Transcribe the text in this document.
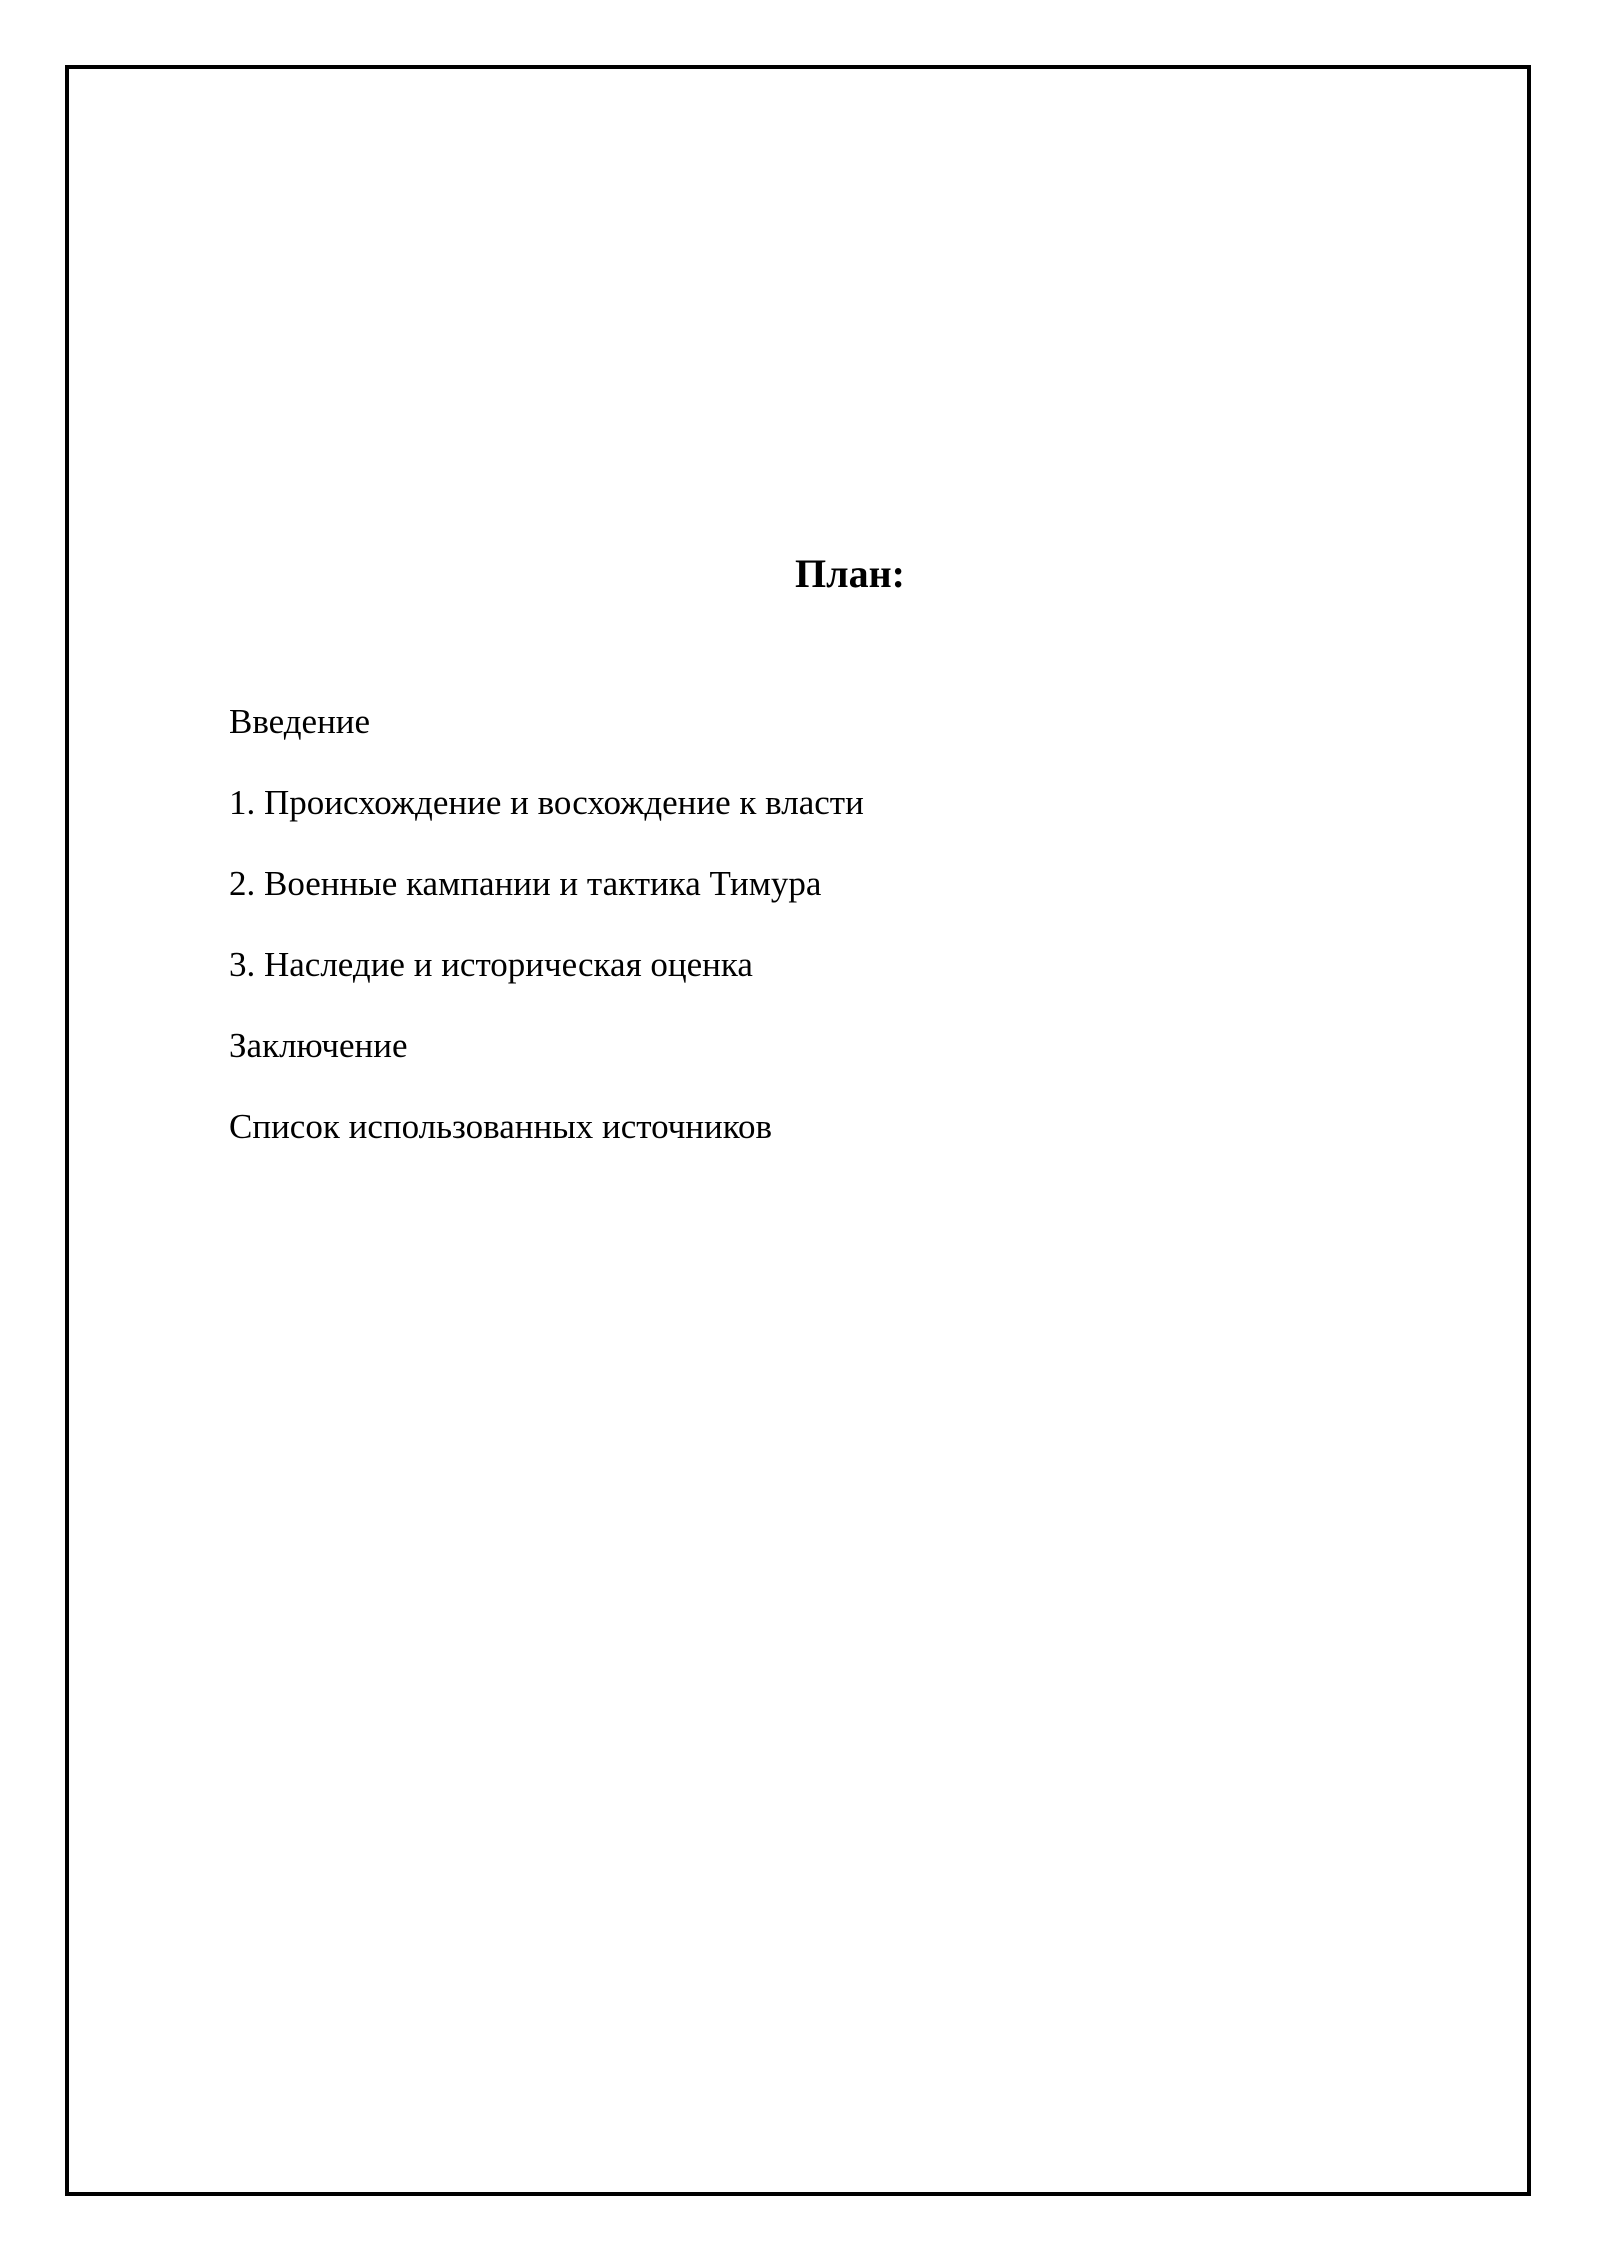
План:
Введение
1. Происхождение и восхождение к власти
2. Военные кампании и тактика Тимура
3. Наследие и историческая оценка
Заключение
Список использованных источников
